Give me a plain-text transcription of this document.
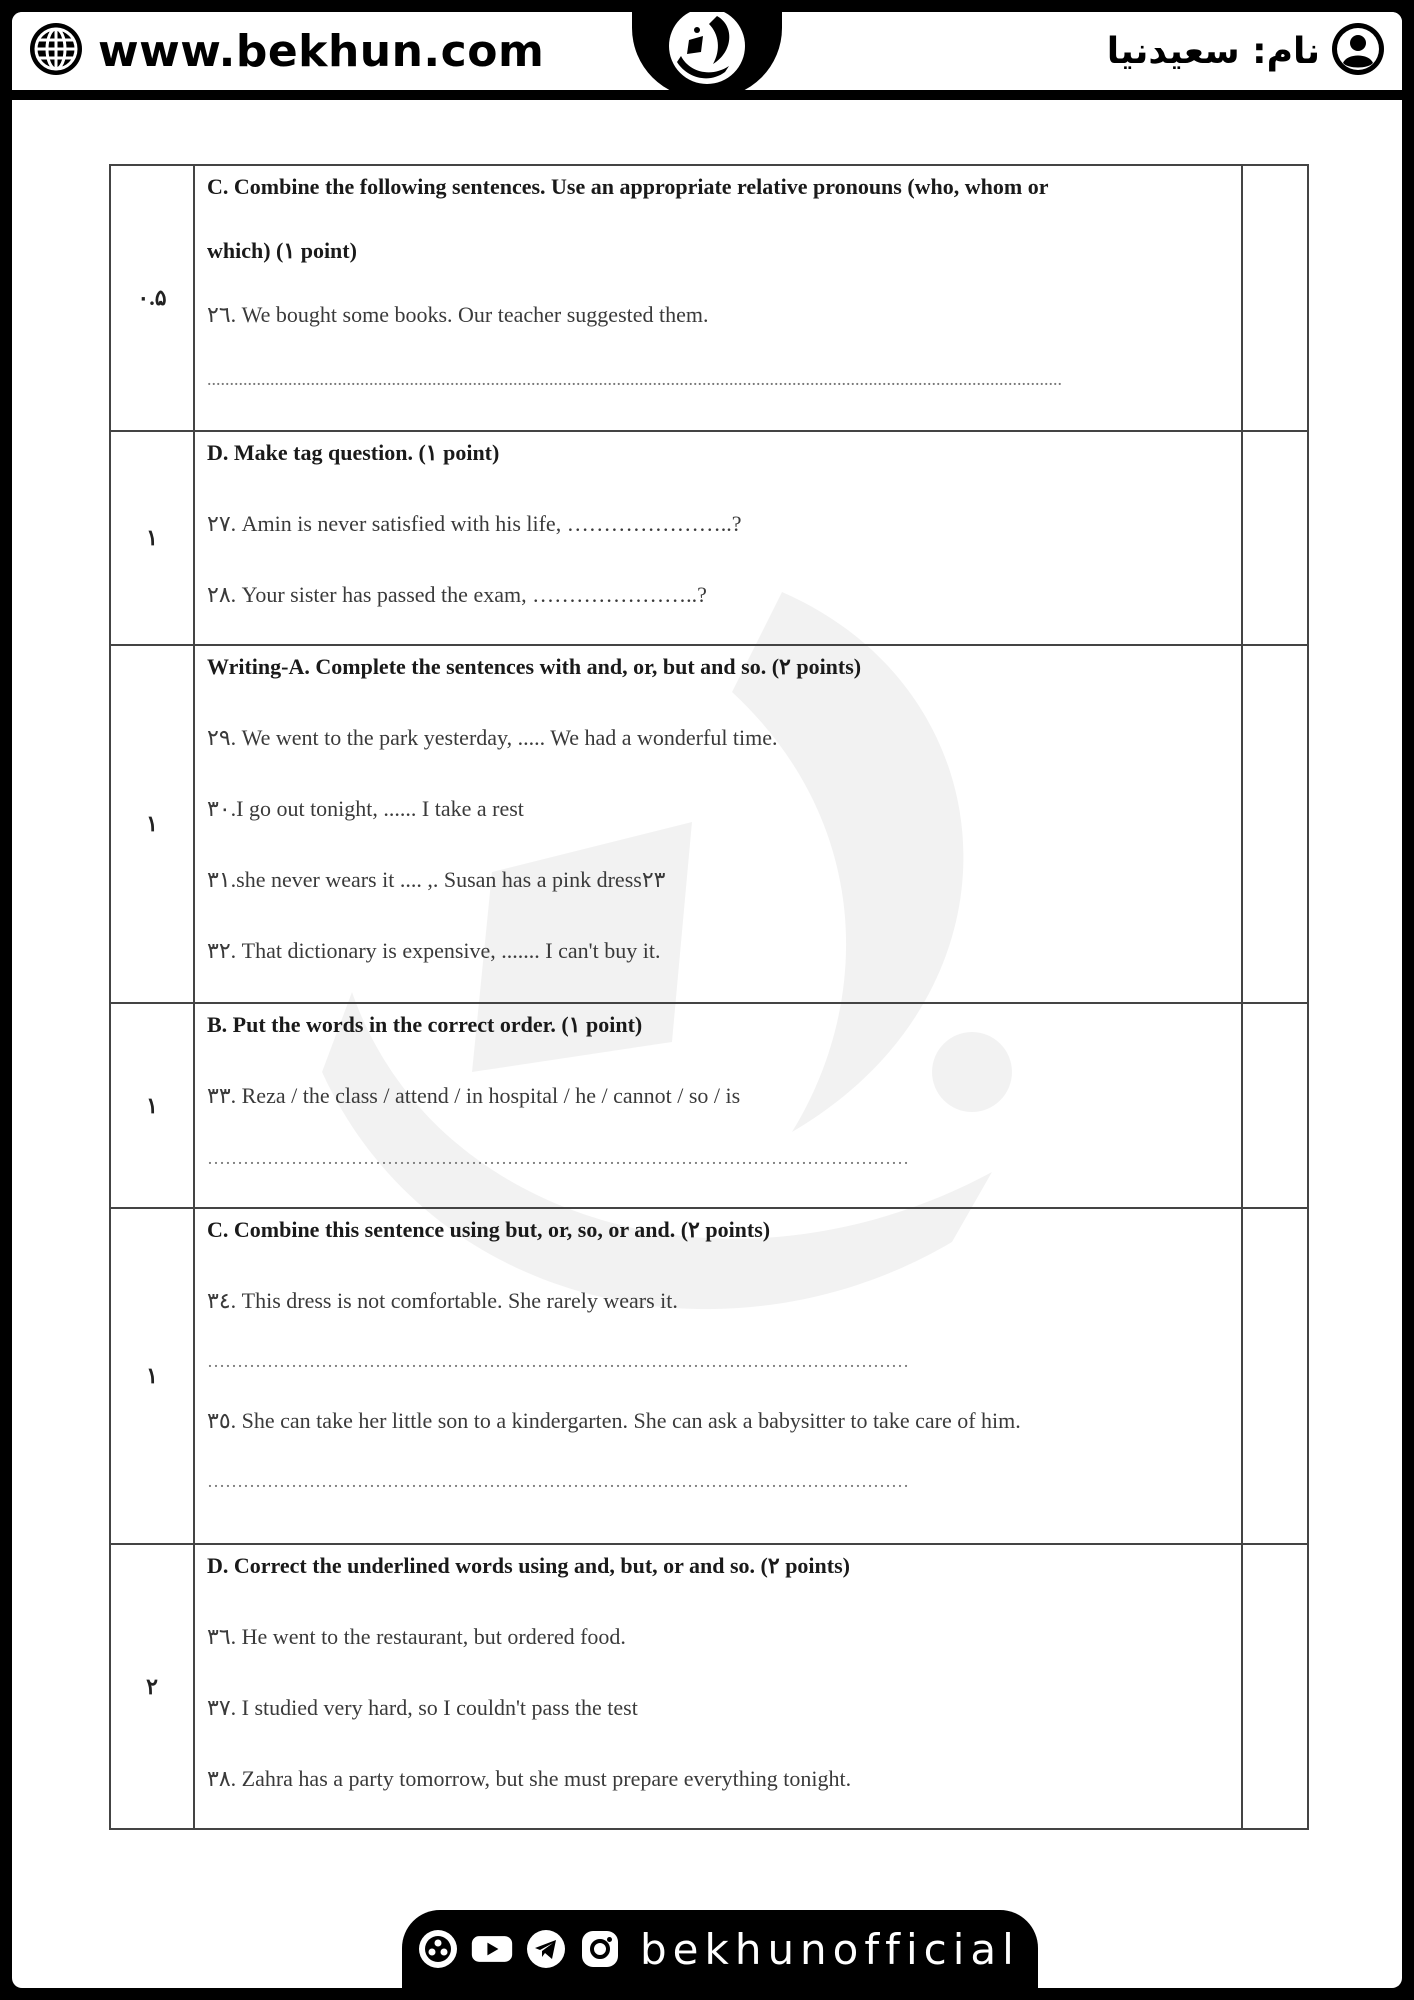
www.bekhun.com	نام: سعیدنیا
۰.۵	C. Combine the following sentences. Use an appropriate relative pronouns (who, whom or
which) (۱ point)
۲٦. We bought some books. Our teacher suggested them.
..............................................................................................................................................................................................	

۱	D. Make tag question. (۱ point)
۲۷. Amin is never satisfied with his life, …………………..?
۲۸. Your sister has passed the exam, …………………..?	

۱	Writing-A. Complete the sentences with and, or, but and so. (۲ points)
۲۹. We went to the park yesterday, ..... We had a wonderful time.
۳۰.I go out tonight, ...... I take a rest
۳۱.she never wears it .... ,. Susan has a pink dress۲۳
۳۲. That dictionary is expensive, ....... I can't buy it.	

۱	B. Put the words in the correct order. (۱ point)
۳۳. Reza / the class / attend / in hospital / he / cannot / so / is
………………………………………………………………………………………………………	

۱	C. Combine this sentence using but, or, so, or and. (۲ points)
۳٤. This dress is not comfortable. She rarely wears it.
………………………………………………………………………………………………………
۳٥. She can take her little son to a kindergarten. She can ask a babysitter to take care of him.
………………………………………………………………………………………………………	

۲	D. Correct the underlined words using and, but, or and so. (۲ points)
۳٦. He went to the restaurant, but ordered food.
۳۷. I studied very hard, so I couldn't pass the test
۳۸. Zahra has a party tomorrow, but she must prepare everything tonight.	

bekhunofficial
